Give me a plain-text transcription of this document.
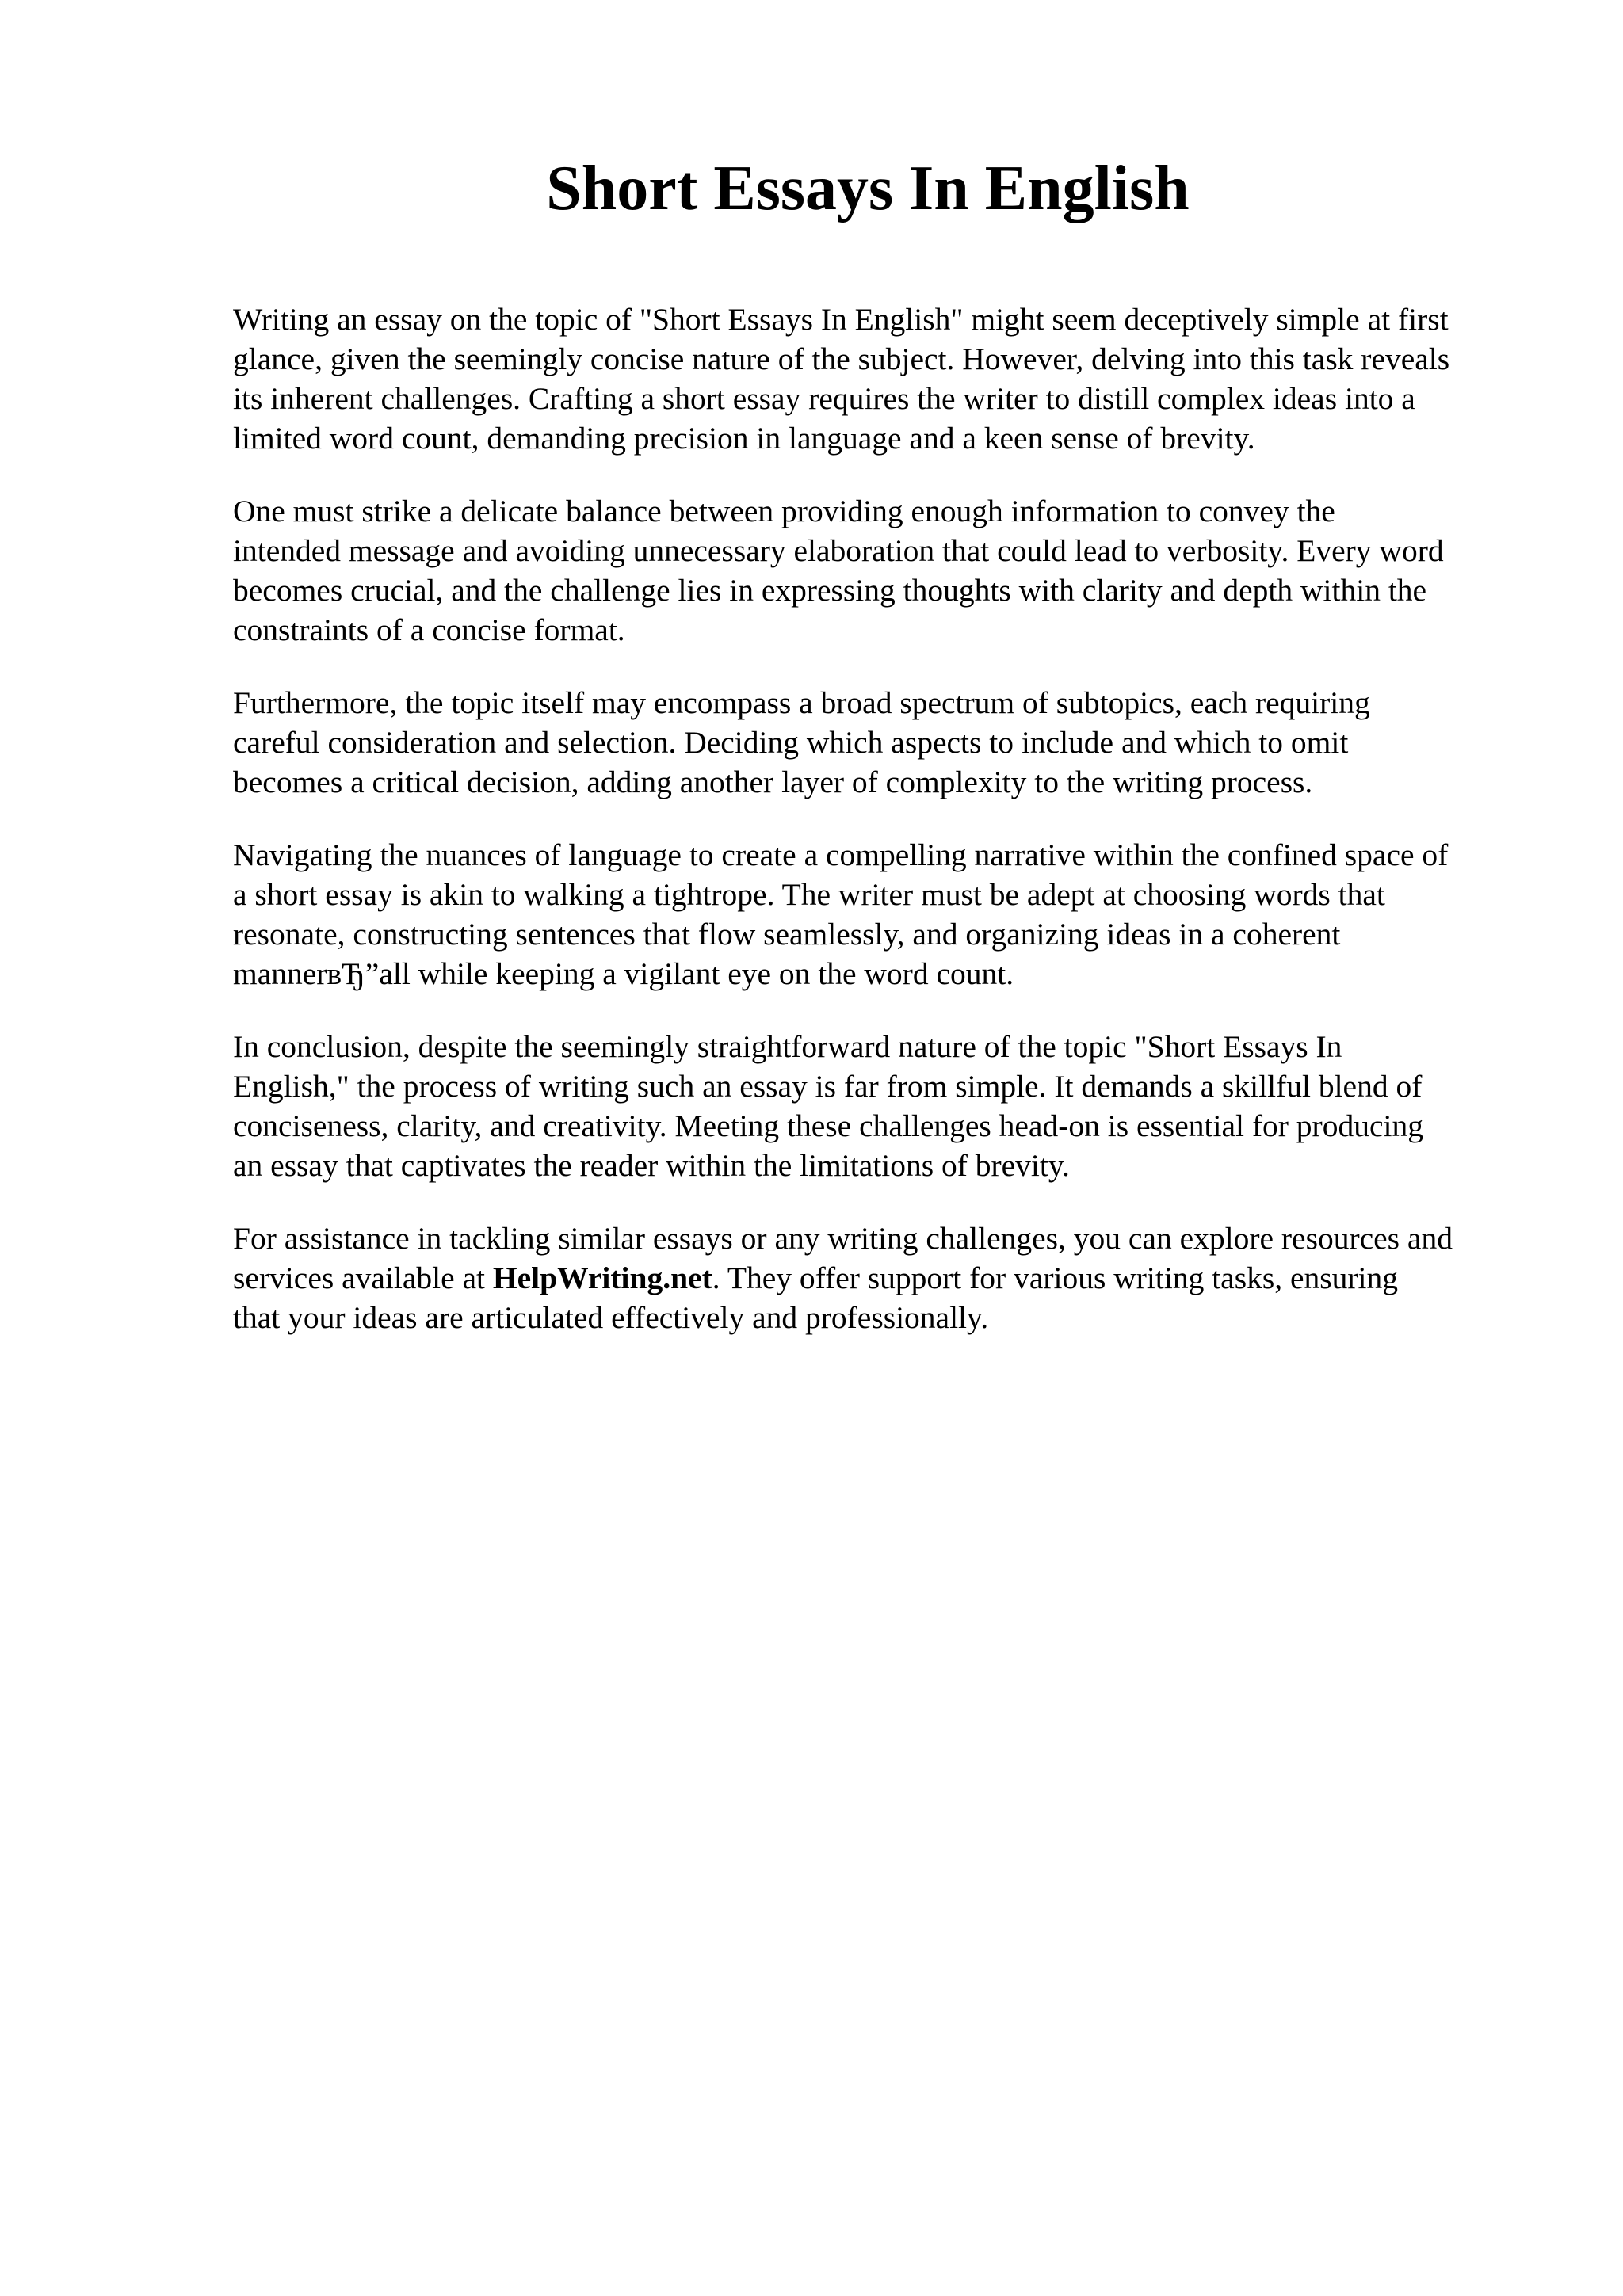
Short Essays In English

Writing an essay on the topic of "Short Essays In English" might seem deceptively simple at first
glance, given the seemingly concise nature of the subject. However, delving into this task reveals
its inherent challenges. Crafting a short essay requires the writer to distill complex ideas into a
limited word count, demanding precision in language and a keen sense of brevity.

One must strike a delicate balance between providing enough information to convey the
intended message and avoiding unnecessary elaboration that could lead to verbosity. Every word
becomes crucial, and the challenge lies in expressing thoughts with clarity and depth within the
constraints of a concise format.

Furthermore, the topic itself may encompass a broad spectrum of subtopics, each requiring
careful consideration and selection. Deciding which aspects to include and which to omit
becomes a critical decision, adding another layer of complexity to the writing process.

Navigating the nuances of language to create a compelling narrative within the confined space of
a short essay is akin to walking a tightrope. The writer must be adept at choosing words that
resonate, constructing sentences that flow seamlessly, and organizing ideas in a coherent
mannerвЂ”all while keeping a vigilant eye on the word count.

In conclusion, despite the seemingly straightforward nature of the topic "Short Essays In
English," the process of writing such an essay is far from simple. It demands a skillful blend of
conciseness, clarity, and creativity. Meeting these challenges head-on is essential for producing
an essay that captivates the reader within the limitations of brevity.

For assistance in tackling similar essays or any writing challenges, you can explore resources and
services available at HelpWriting.net. They offer support for various writing tasks, ensuring
that your ideas are articulated effectively and professionally.
